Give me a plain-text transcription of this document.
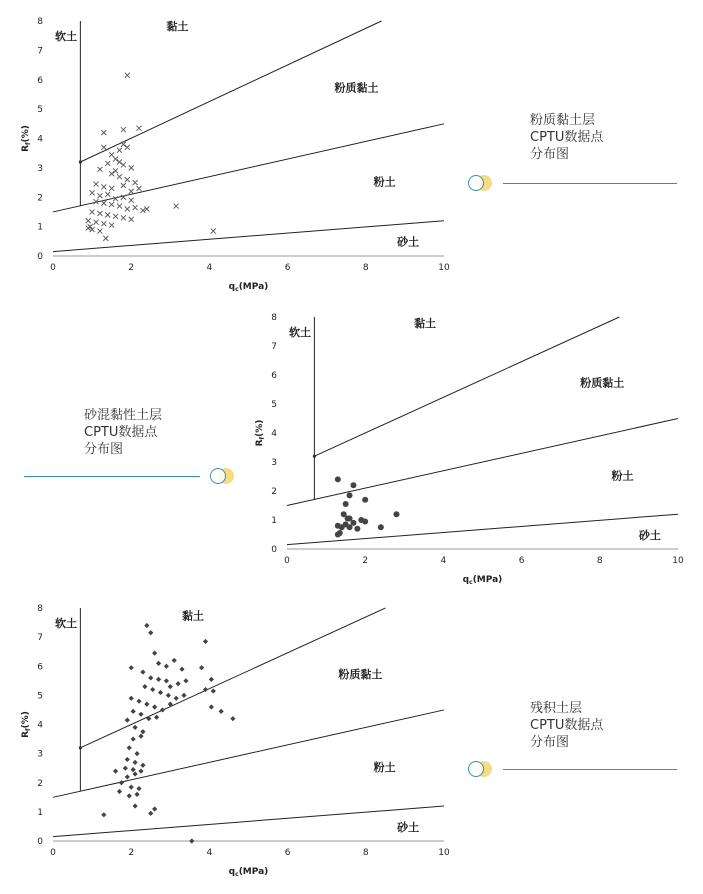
0	2	4	6	8	10
0
1
2
3
4
5
6
7
8
$q_c(MPa)$
$R_f(\%)$
软土
黏土
粉质黏土
粉土
砂土
粉质黏土层
CPTU数据点
分布图
0	2	4	6	8	10
0
1
2
3
4
5
6
7
8
$q_c(MPa)$
$R_f(\%)$
软土
黏土
粉质黏土
粉土
砂土
砂混黏性土层
CPTU数据点
分布图
0	2	4	6	8	10
0
1
2
3
4
5
6
7
8
$q_c(MPa)$
$R_f(\%)$
软土
黏土
粉质黏土
粉土
砂土
残积土层
CPTU数据点
分布图
